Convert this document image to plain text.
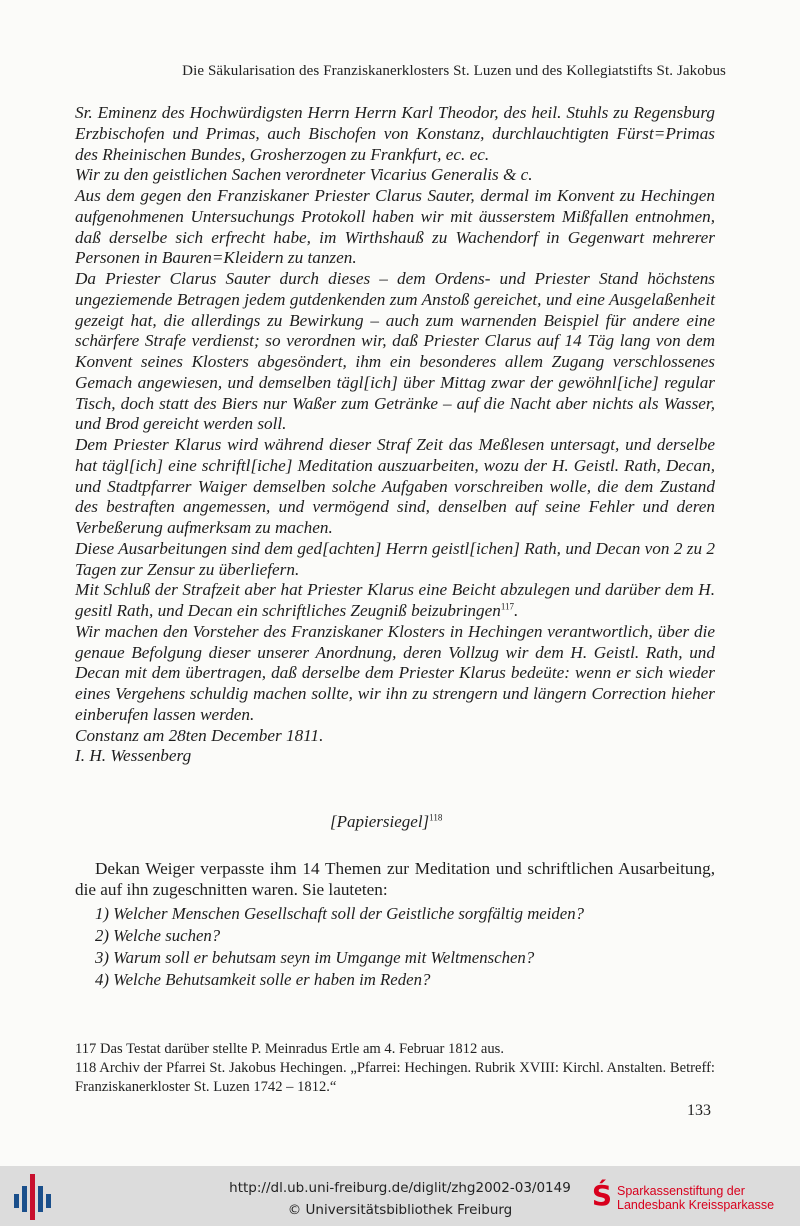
Die Säkularisation des Franziskanerklosters St. Luzen und des Kollegiatstifts St. Jakobus

Sr. Eminenz des Hochwürdigsten Herrn Herrn Karl Theodor, des heil. Stuhls zu Regensburg Erzbischofen und Primas, auch Bischofen von Konstanz, durchlauchtigten Fürst=Primas des Rheinischen Bundes, Grosherzogen zu Frankfurt, ec. ec.

Wir zu den geistlichen Sachen verordneter Vicarius Generalis & c.

Aus dem gegen den Franziskaner Priester Clarus Sauter, dermal im Konvent zu Hechingen aufgenohmenen Untersuchungs Protokoll haben wir mit äusserstem Mißfallen entnohmen, daß derselbe sich erfrecht habe, im Wirthshauß zu Wachendorf in Gegenwart mehrerer Personen in Bauren=Kleidern zu tanzen.

Da Priester Clarus Sauter durch dieses – dem Ordens- und Priester Stand höchstens ungeziemende Betragen jedem gutdenkenden zum Anstoß gereichet, und eine Ausgelaßenheit gezeigt hat, die allerdings zu Bewirkung – auch zum warnenden Beispiel für andere eine schärfere Strafe verdienst; so verordnen wir, daß Priester Clarus auf 14 Täg lang von dem Konvent seines Klosters abgesöndert, ihm ein besonderes allem Zugang verschlossenes Gemach angewiesen, und demselben tägl[ich] über Mittag zwar der gewöhnl[iche] regular Tisch, doch statt des Biers nur Waßer zum Getränke – auf die Nacht aber nichts als Wasser, und Brod gereicht werden soll.

Dem Priester Klarus wird während dieser Straf Zeit das Meßlesen untersagt, und derselbe hat tägl[ich] eine schriftl[iche] Meditation auszuarbeiten, wozu der H. Geistl. Rath, Decan, und Stadtpfarrer Waiger demselben solche Aufgaben vorschreiben wolle, die dem Zustand des bestraften angemessen, und vermögend sind, denselben auf seine Fehler und deren Verbeßerung aufmerksam zu machen.

Diese Ausarbeitungen sind dem ged[achten] Herrn geistl[ichen] Rath, und Decan von 2 zu 2 Tagen zur Zensur zu überliefern.

Mit Schluß der Strafzeit aber hat Priester Klarus eine Beicht abzulegen und darüber dem H. gesitl Rath, und Decan ein schriftliches Zeugniß beizubringen$^{117}$.

Wir machen den Vorsteher des Franziskaner Klosters in Hechingen verantwortlich, über die genaue Befolgung dieser unserer Anordnung, deren Vollzug wir dem H. Geistl. Rath, und Decan mit dem übertragen, daß derselbe dem Priester Klarus bedeüte: wenn er sich wieder eines Vergehens schuldig machen sollte, wir ihn zu strengern und längern Correction hieher einberufen lassen werden.

Constanz am 28ten December 1811.

I. H. Wessenberg

[Papiersiegel]$^{118}$
Dekan Weiger verpasste ihm 14 Themen zur Meditation und schriftlichen Ausarbeitung, die auf ihn zugeschnitten waren. Sie lauteten:
1) Welcher Menschen Gesellschaft soll der Geistliche sorgfältig meiden?
2) Welche suchen?
3) Warum soll er behutsam seyn im Umgange mit Weltmenschen?
4) Welche Behutsamkeit solle er haben im Reden?

117 Das Testat darüber stellte P. Meinradus Ertle am 4. Februar 1812 aus.

118 Archiv der Pfarrei St. Jakobus Hechingen. „Pfarrei: Hechingen. Rubrik XVIII: Kirchl. Anstalten. Betreff: Franziskanerkloster St. Luzen 1742 – 1812.“

133
http://dl.ub.uni-freiburg.de/diglit/zhg2002-03/0149
© Universitätsbibliothek Freiburg	Ś Sparkassenstiftung der
Landesbank Kreissparkasse
